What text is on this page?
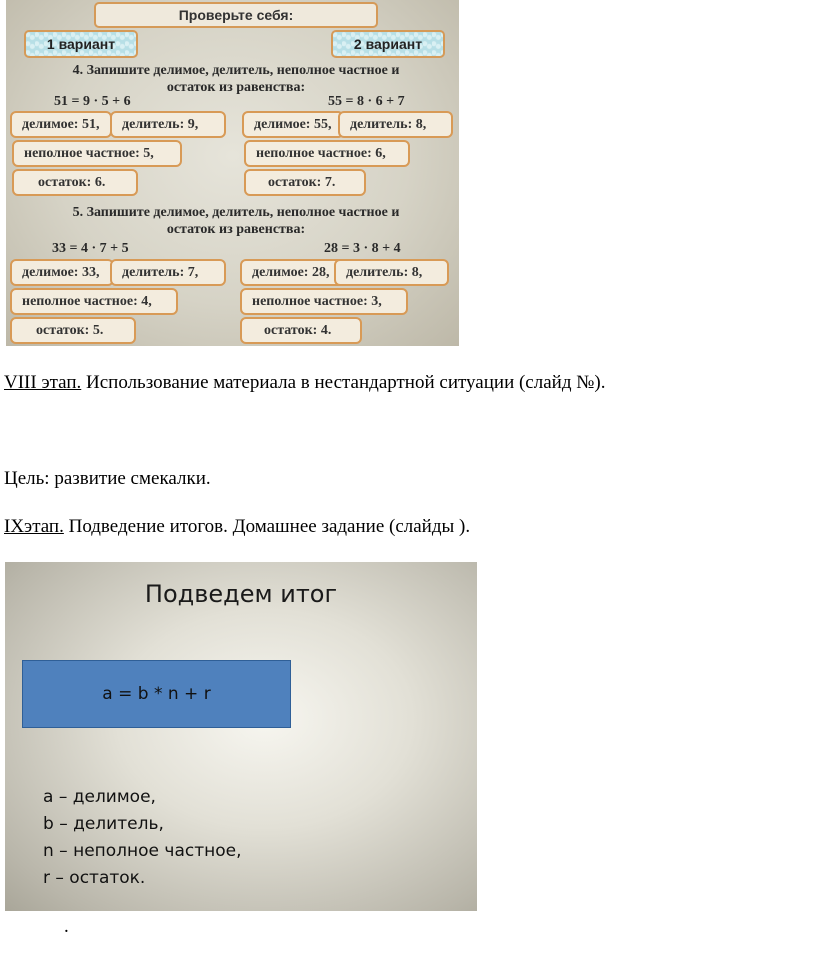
Проверьте себя:
1 вариант	2 вариант
4. Запишите делимое, делитель, неполное частное и
остаток из равенства:
51 = 9 · 5 + 6	55 = 8 · 6 + 7
делимое: 51,	делитель: 9,
неполное частное: 5,
остаток: 6.
делимое: 55,	делитель: 8,
неполное частное: 6,
остаток: 7.
5. Запишите делимое, делитель, неполное частное и
остаток из равенства:
33 = 4 · 7 + 5	28 = 3 · 8 + 4
делимое: 33,	делитель: 7,
неполное частное: 4,
остаток: 5.
делимое: 28,	делитель: 8,
неполное частное: 3,
остаток: 4.
VIII этап. Использование материала в нестандартной ситуации (слайд №).
Цель: развитие смекалки.
IXэтап. Подведение итогов. Домашнее задание (слайды ).
Подведем итог
a = b * n + r
a – делимое,
b – делитель,
n – неполное частное,
r – остаток.
.
